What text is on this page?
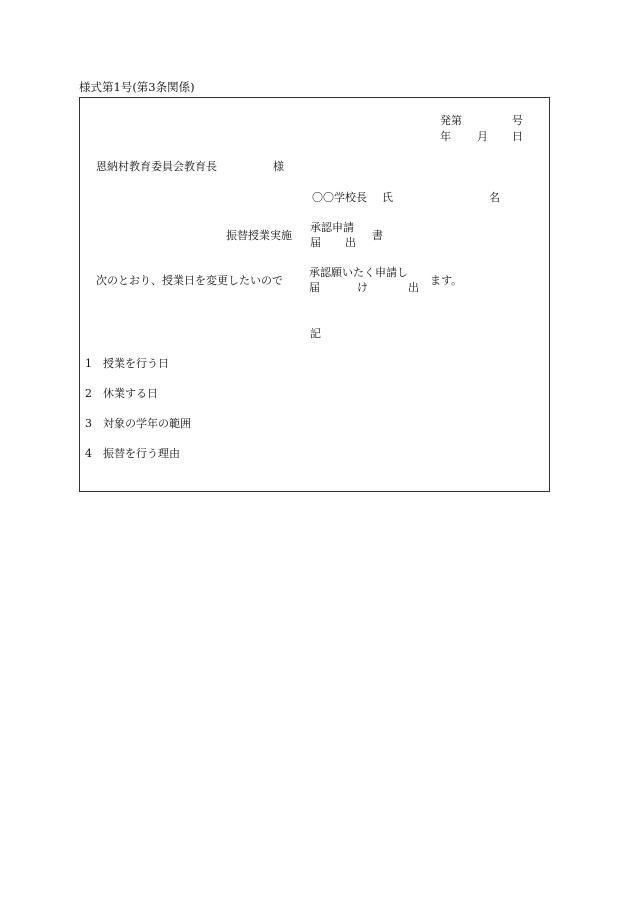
様式第1号(第3条関係)
発第	号
年 月 日
恩納村教育委員会教育長	様
〇〇学校長 氏	名
振替授業実施
承認申請
届 出
書
次のとおり、授業日を変更したいので
承認願いたく申請し
届	け	出
ます。
記
1 授業を行う日
2 休業する日
3 対象の学年の範囲
4 振替を行う理由
